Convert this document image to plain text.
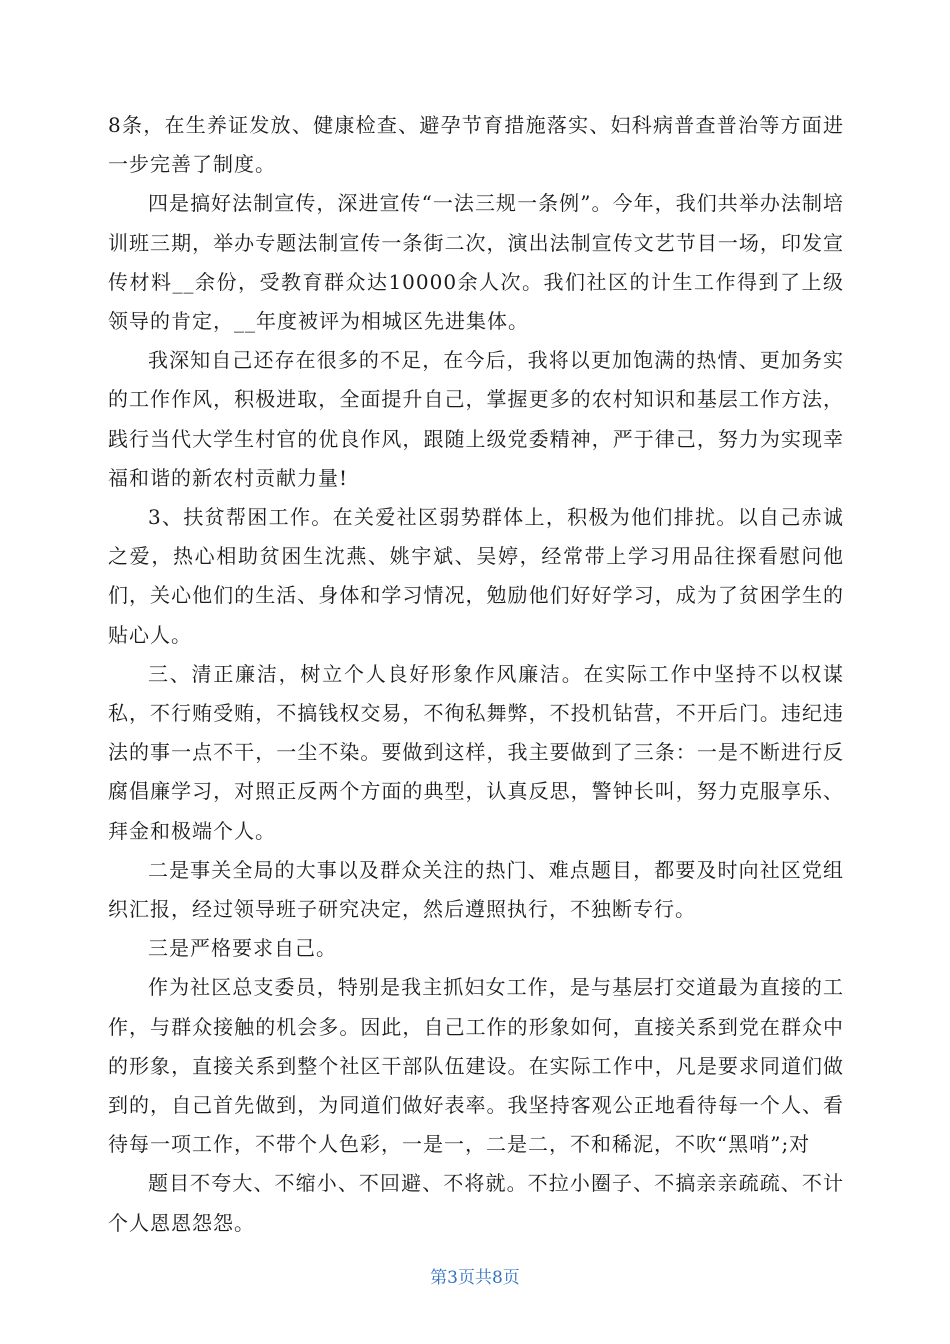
8条，在生养证发放、健康检查、避孕节育措施落实、妇科病普查普治等方面进一步完善了制度。

四是搞好法制宣传，深进宣传“一法三规一条例”。今年，我们共举办法制培训班三期，举办专题法制宣传一条街二次，演出法制宣传文艺节目一场，印发宣传材料__余份，受教育群众达10000余人次。我们社区的计生工作得到了上级领导的肯定，__年度被评为相城区先进集体。

我深知自己还存在很多的不足，在今后，我将以更加饱满的热情、更加务实的工作作风，积极进取，全面提升自己，掌握更多的农村知识和基层工作方法，践行当代大学生村官的优良作风，跟随上级党委精神，严于律己，努力为实现幸福和谐的新农村贡献力量!

3、扶贫帮困工作。在关爱社区弱势群体上，积极为他们排扰。以自己赤诚之爱，热心相助贫困生沈燕、姚宇斌、吴婷，经常带上学习用品往探看慰问他们，关心他们的生活、身体和学习情况，勉励他们好好学习，成为了贫困学生的贴心人。

三、清正廉洁，树立个人良好形象作风廉洁。在实际工作中坚持不以权谋私，不行贿受贿，不搞钱权交易，不徇私舞弊，不投机钻营，不开后门。违纪违法的事一点不干，一尘不染。要做到这样，我主要做到了三条：一是不断进行反腐倡廉学习，对照正反两个方面的典型，认真反思，警钟长叫，努力克服享乐、拜金和极端个人。

二是事关全局的大事以及群众关注的热门、难点题目，都要及时向社区党组织汇报，经过领导班子研究决定，然后遵照执行，不独断专行。

三是严格要求自己。

作为社区总支委员，特别是我主抓妇女工作，是与基层打交道最为直接的工作，与群众接触的机会多。因此，自己工作的形象如何，直接关系到党在群众中的形象，直接关系到整个社区干部队伍建设。在实际工作中，凡是要求同道们做到的，自己首先做到，为同道们做好表率。我坚持客观公正地看待每一个人、看待每一项工作，不带个人色彩，一是一，二是二，不和稀泥，不吹“黑哨”;对

题目不夸大、不缩小、不回避、不将就。不拉小圈子、不搞亲亲疏疏、不计个人恩恩怨怨。

第3页共8页
